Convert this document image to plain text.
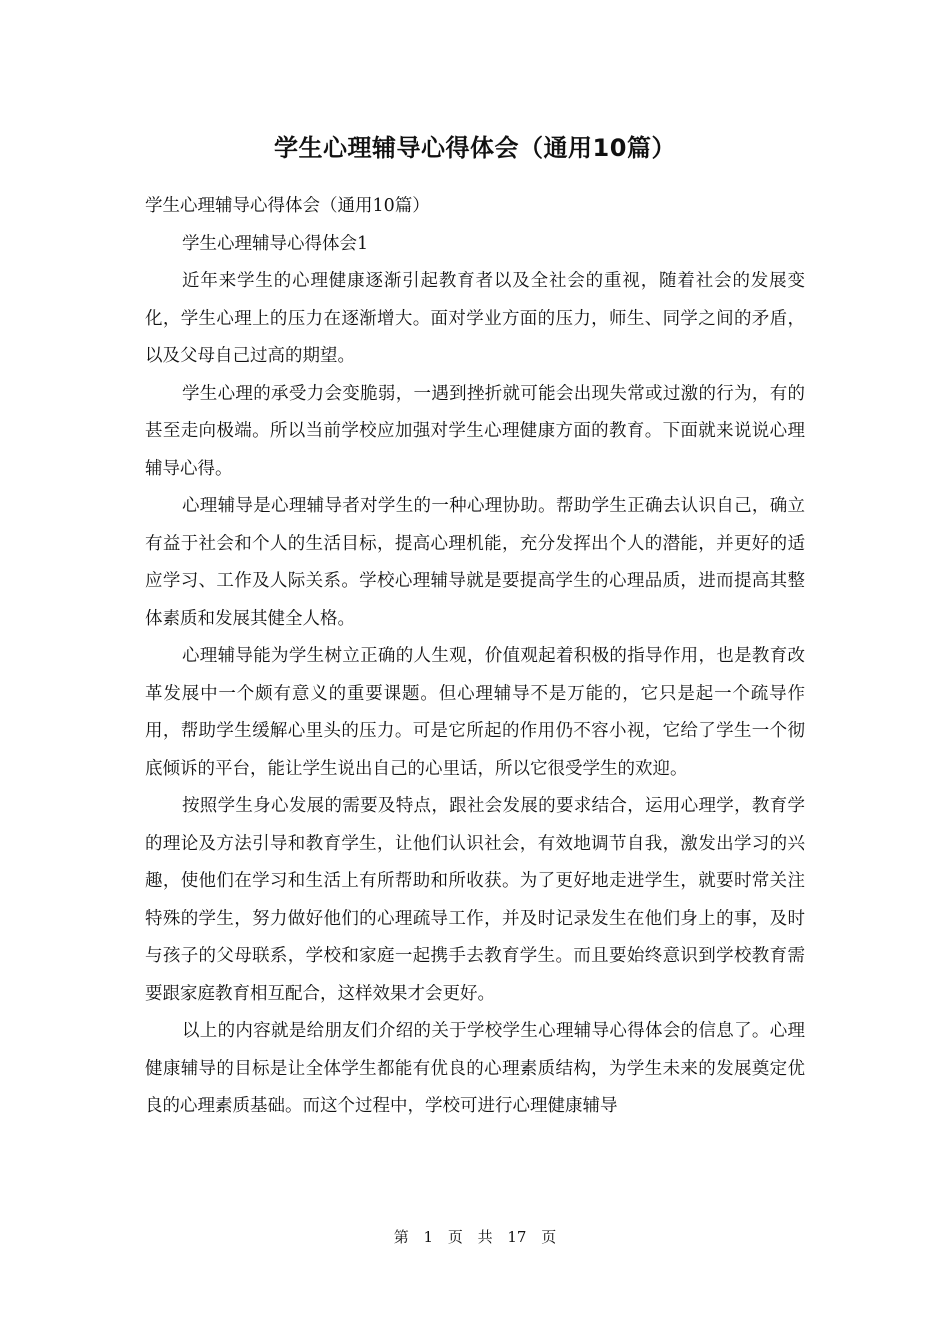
学生心理辅导心得体会（通用10篇）

学生心理辅导心得体会（通用10篇）

学生心理辅导心得体会1

近年来学生的心理健康逐渐引起教育者以及全社会的重视，随着社会的发展变化，学生心理上的压力在逐渐增大。面对学业方面的压力，师生、同学之间的矛盾，以及父母自己过高的期望。

学生心理的承受力会变脆弱，一遇到挫折就可能会出现失常或过激的行为，有的甚至走向极端。所以当前学校应加强对学生心理健康方面的教育。下面就来说说心理辅导心得。

心理辅导是心理辅导者对学生的一种心理协助。帮助学生正确去认识自己，确立有益于社会和个人的生活目标，提高心理机能，充分发挥出个人的潜能，并更好的适应学习、工作及人际关系。学校心理辅导就是要提高学生的心理品质，进而提高其整体素质和发展其健全人格。

心理辅导能为学生树立正确的人生观，价值观起着积极的指导作用，也是教育改革发展中一个颇有意义的重要课题。但心理辅导不是万能的，它只是起一个疏导作用，帮助学生缓解心里头的压力。可是它所起的作用仍不容小视，它给了学生一个彻底倾诉的平台，能让学生说出自己的心里话，所以它很受学生的欢迎。

按照学生身心发展的需要及特点，跟社会发展的要求结合，运用心理学，教育学的理论及方法引导和教育学生，让他们认识社会，有效地调节自我，激发出学习的兴趣，使他们在学习和生活上有所帮助和所收获。为了更好地走进学生，就要时常关注特殊的学生，努力做好他们的心理疏导工作，并及时记录发生在他们身上的事，及时与孩子的父母联系，学校和家庭一起携手去教育学生。而且要始终意识到学校教育需要跟家庭教育相互配合，这样效果才会更好。

以上的内容就是给朋友们介绍的关于学校学生心理辅导心得体会的信息了。心理健康辅导的目标是让全体学生都能有优良的心理素质结构，为学生未来的发展奠定优良的心理素质基础。而这个过程中，学校可进行心理健康辅导

第 1 页 共 17 页
